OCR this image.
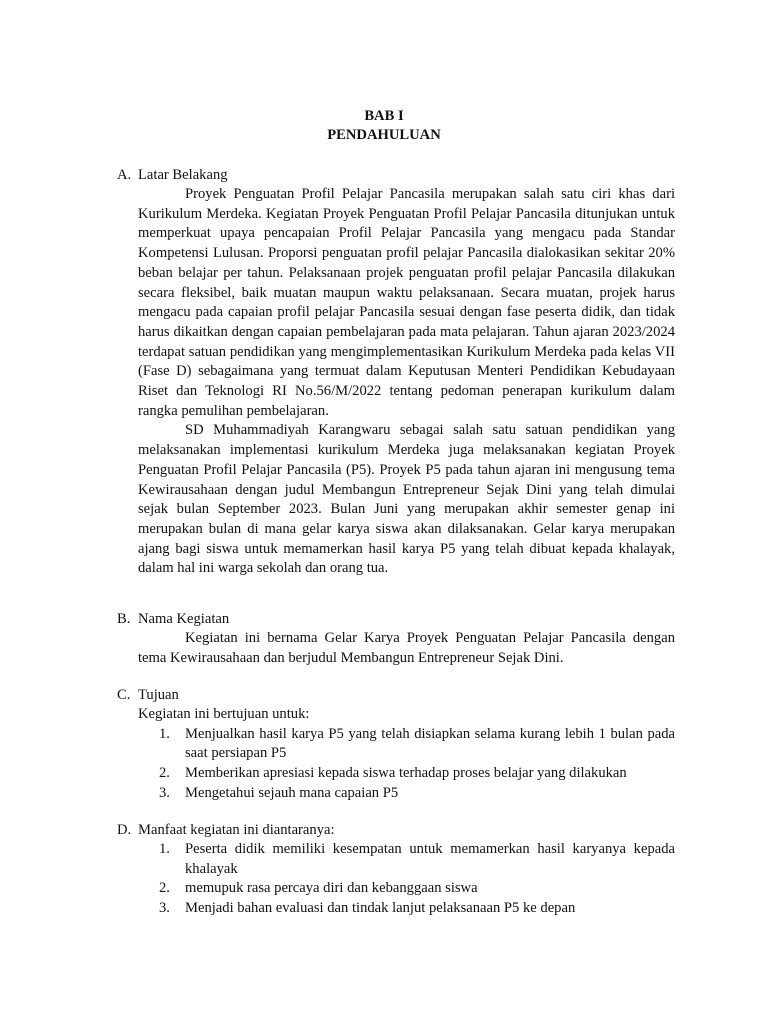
BAB I
PENDAHULUAN
A. Latar Belakang

Proyek Penguatan Profil Pelajar Pancasila merupakan salah satu ciri khas dari Kurikulum Merdeka. Kegiatan Proyek Penguatan Profil Pelajar Pancasila ditunjukan untuk memperkuat upaya pencapaian Profil Pelajar Pancasila yang mengacu pada Standar Kompetensi Lulusan. Proporsi penguatan profil pelajar Pancasila dialokasikan sekitar 20% beban belajar per tahun. Pelaksanaan projek penguatan profil pelajar Pancasila dilakukan secara fleksibel, baik muatan maupun waktu pelaksanaan. Secara muatan, projek harus mengacu pada capaian profil pelajar Pancasila sesuai dengan fase peserta didik, dan tidak harus dikaitkan dengan capaian pembelajaran pada mata pelajaran. Tahun ajaran 2023/2024 terdapat satuan pendidikan yang mengimplementasikan Kurikulum Merdeka pada kelas VII (Fase D) sebagaimana yang termuat dalam Keputusan Menteri Pendidikan Kebudayaan Riset dan Teknologi RI No.56/M/2022 tentang pedoman penerapan kurikulum dalam rangka pemulihan pembelajaran.

SD Muhammadiyah Karangwaru sebagai salah satu satuan pendidikan yang melaksanakan implementasi kurikulum Merdeka juga melaksanakan kegiatan Proyek Penguatan Profil Pelajar Pancasila (P5). Proyek P5 pada tahun ajaran ini mengusung tema Kewirausahaan dengan judul Membangun Entrepreneur Sejak Dini yang telah dimulai sejak bulan September 2023. Bulan Juni yang merupakan akhir semester genap ini merupakan bulan di mana gelar karya siswa akan dilaksanakan. Gelar karya merupakan ajang bagi siswa untuk memamerkan hasil karya P5 yang telah dibuat kepada khalayak, dalam hal ini warga sekolah dan orang tua.

B. Nama Kegiatan

Kegiatan ini bernama Gelar Karya Proyek Penguatan Pelajar Pancasila dengan tema Kewirausahaan dan berjudul Membangun Entrepreneur Sejak Dini.

C. Tujuan

Kegiatan ini bertujuan untuk:

1. Menjualkan hasil karya P5 yang telah disiapkan selama kurang lebih 1 bulan pada saat persiapan P5
2. Memberikan apresiasi kepada siswa terhadap proses belajar yang dilakukan
3. Mengetahui sejauh mana capaian P5
D. Manfaat kegiatan ini diantaranya:
1. Peserta didik memiliki kesempatan untuk memamerkan hasil karyanya kepada khalayak
2. memupuk rasa percaya diri dan kebanggaan siswa
3. Menjadi bahan evaluasi dan tindak lanjut pelaksanaan P5 ke depan
